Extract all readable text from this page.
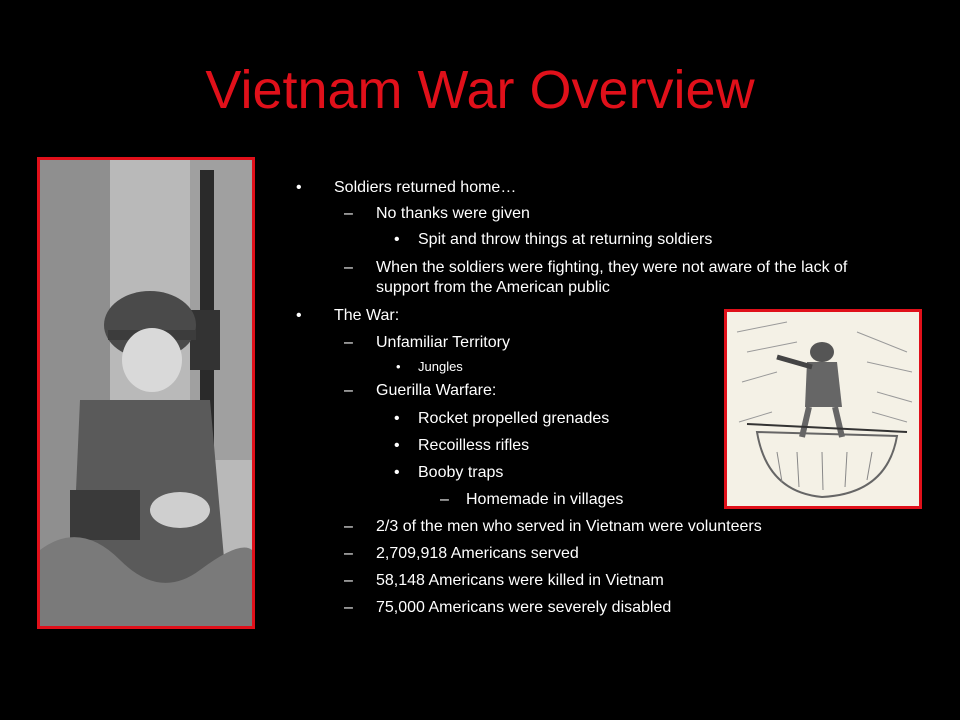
Vietnam War Overview
• Soldiers returned home…
– No thanks were given
• Spit and throw things at returning soldiers
– When the soldiers were fighting, they were not aware of the lack of support from the American public
• The War:
– Unfamiliar Territory
• Jungles
– Guerilla Warfare:
• Rocket propelled grenades
• Recoilless rifles
• Booby traps
– Homemade in villages
– 2/3 of the men who served in Vietnam were volunteers
– 2,709,918 Americans served
– 58,148 Americans were killed in Vietnam
– 75,000 Americans were severely disabled
